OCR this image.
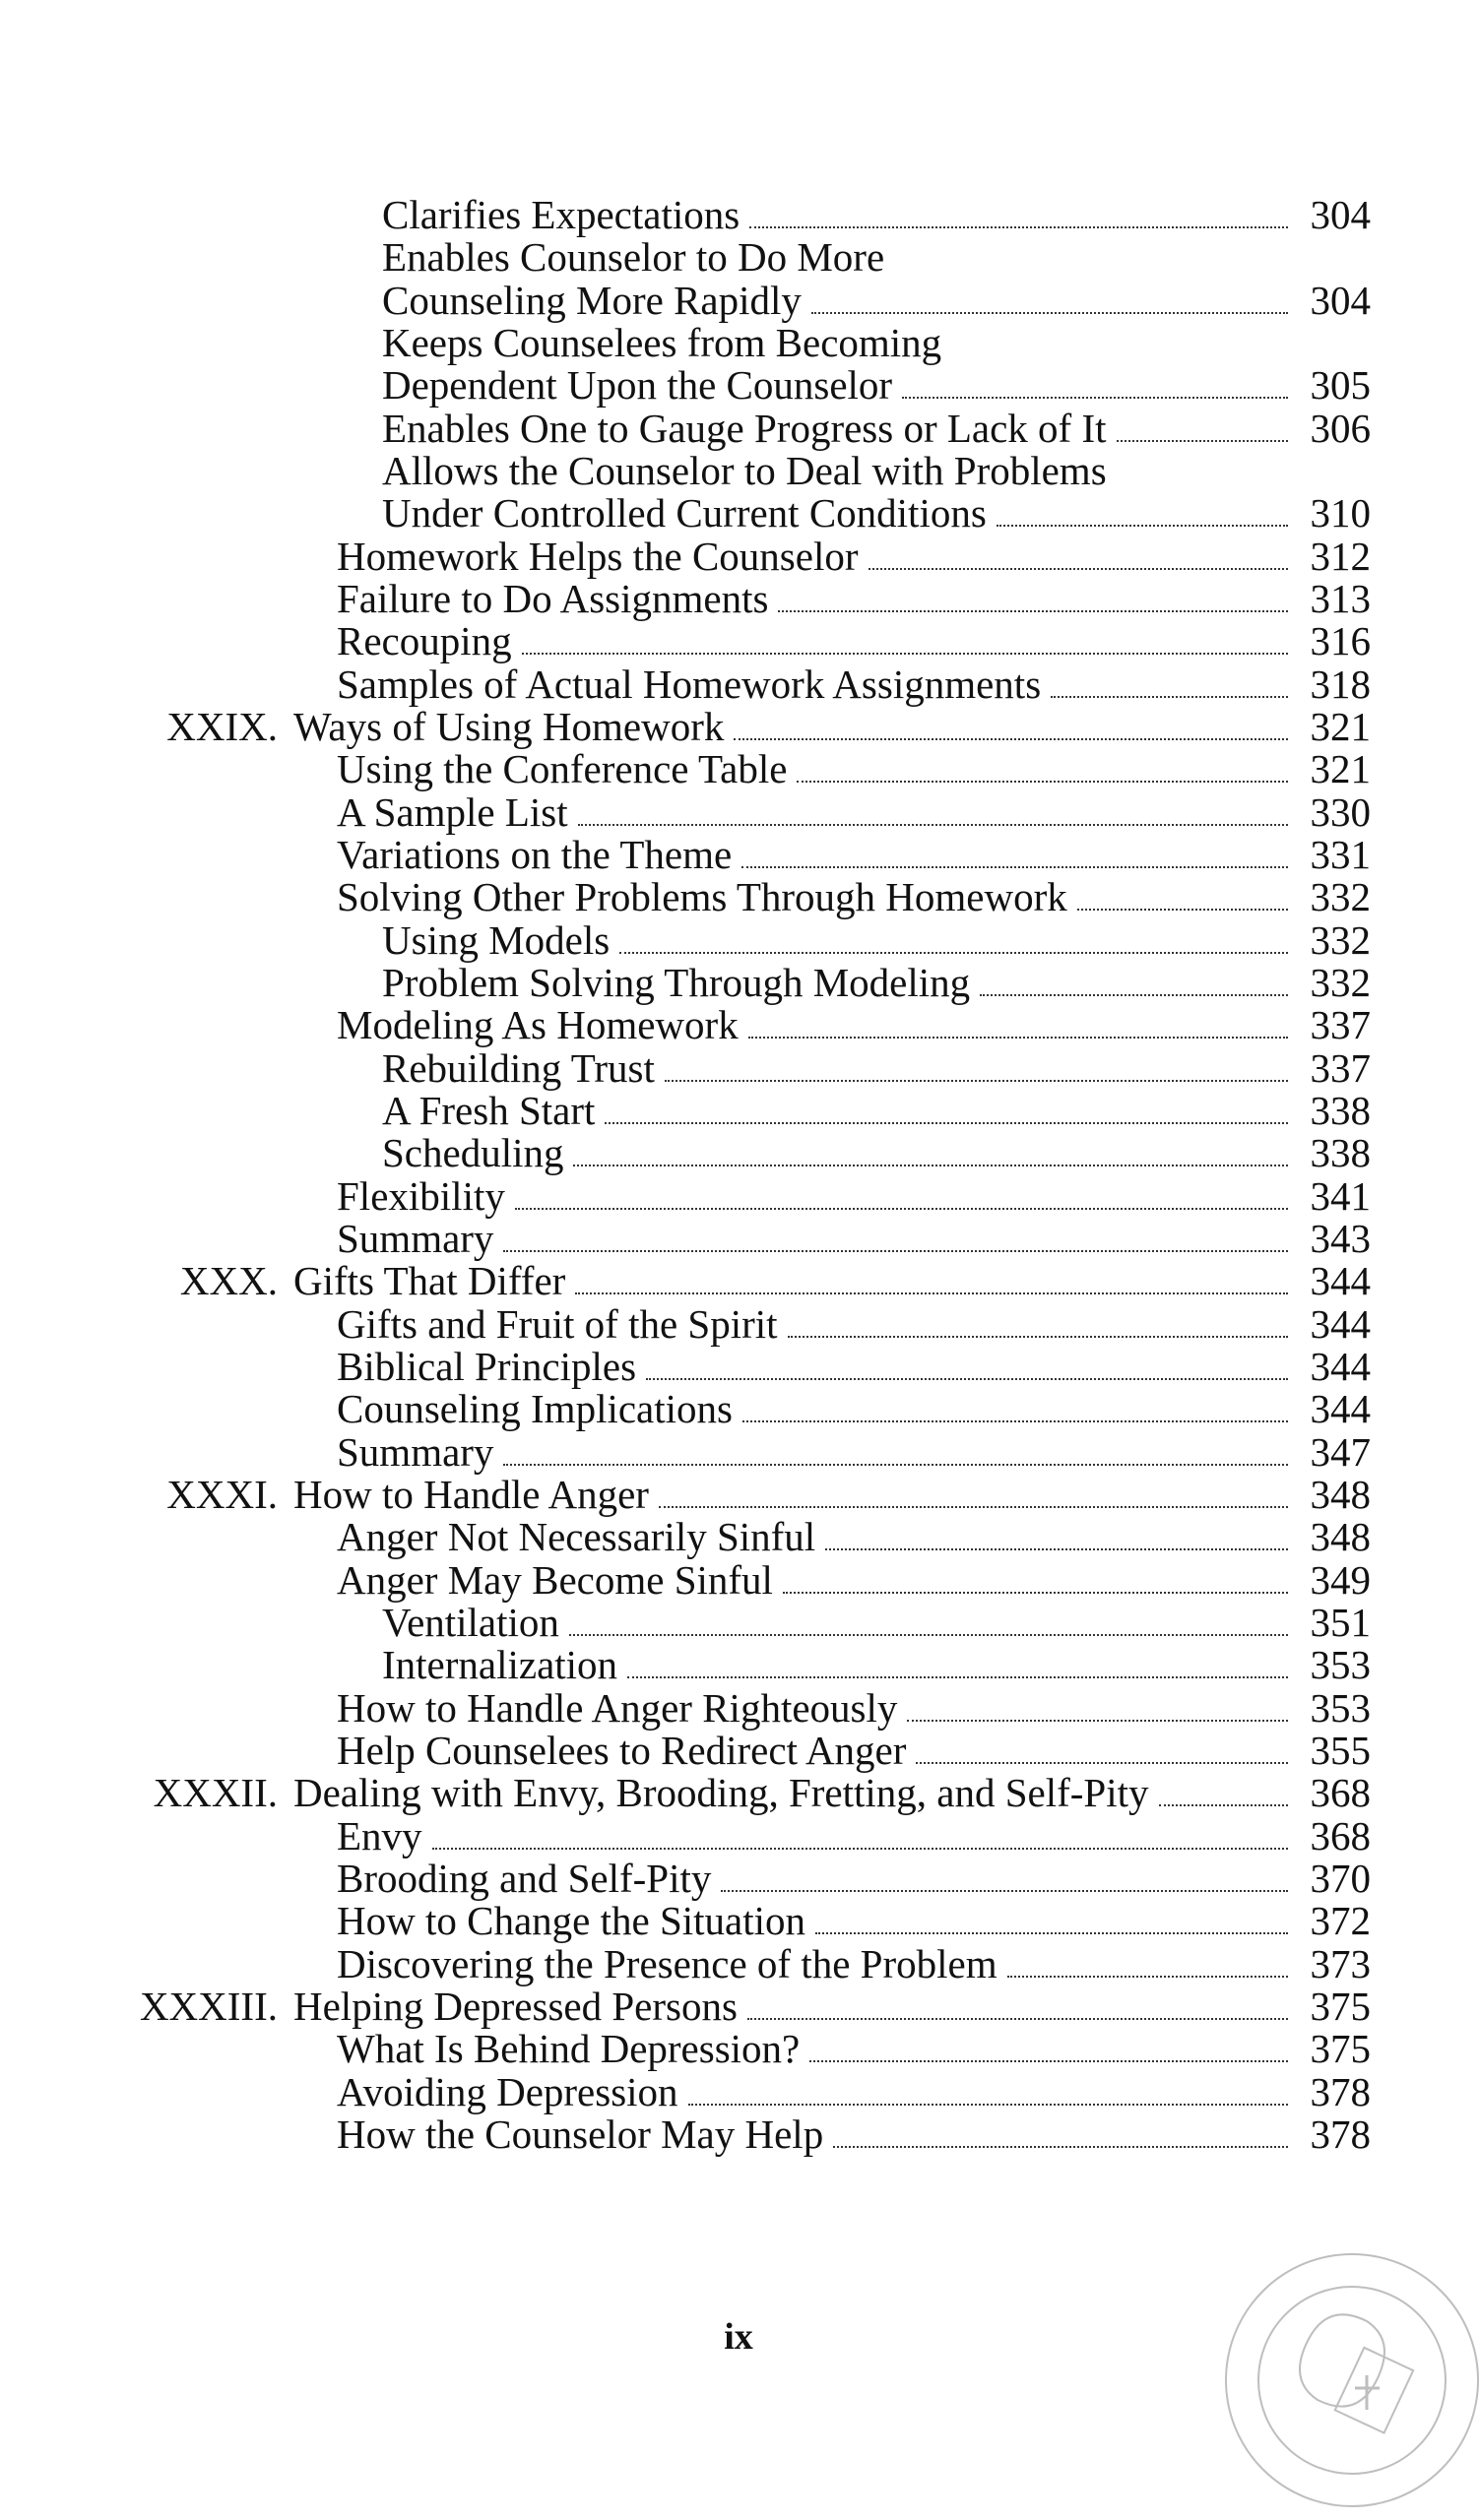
Clarifies Expectations	304
Enables Counselor to Do More
Counseling More Rapidly	304
Keeps Counselees from Becoming
Dependent Upon the Counselor	305
Enables One to Gauge Progress or Lack of It	306
Allows the Counselor to Deal with Problems
Under Controlled Current Conditions	310
Homework Helps the Counselor	312
Failure to Do Assignments	313
Recouping	316
Samples of Actual Homework Assignments	318
XXIX. Ways of Using Homework	321
Using the Conference Table	321
A Sample List	330
Variations on the Theme	331
Solving Other Problems Through Homework	332
Using Models	332
Problem Solving Through Modeling	332
Modeling As Homework	337
Rebuilding Trust	337
A Fresh Start	338
Scheduling	338
Flexibility	341
Summary	343
XXX. Gifts That Differ	344
Gifts and Fruit of the Spirit	344
Biblical Principles	344
Counseling Implications	344
Summary	347
XXXI. How to Handle Anger	348
Anger Not Necessarily Sinful	348
Anger May Become Sinful	349
Ventilation	351
Internalization	353
How to Handle Anger Righteously	353
Help Counselees to Redirect Anger	355
XXXII. Dealing with Envy, Brooding, Fretting, and Self-Pity	368
Envy	368
Brooding and Self-Pity	370
How to Change the Situation	372
Discovering the Presence of the Problem	373
XXXIII. Helping Depressed Persons	375
What Is Behind Depression?	375
Avoiding Depression	378
How the Counselor May Help	378
ix
